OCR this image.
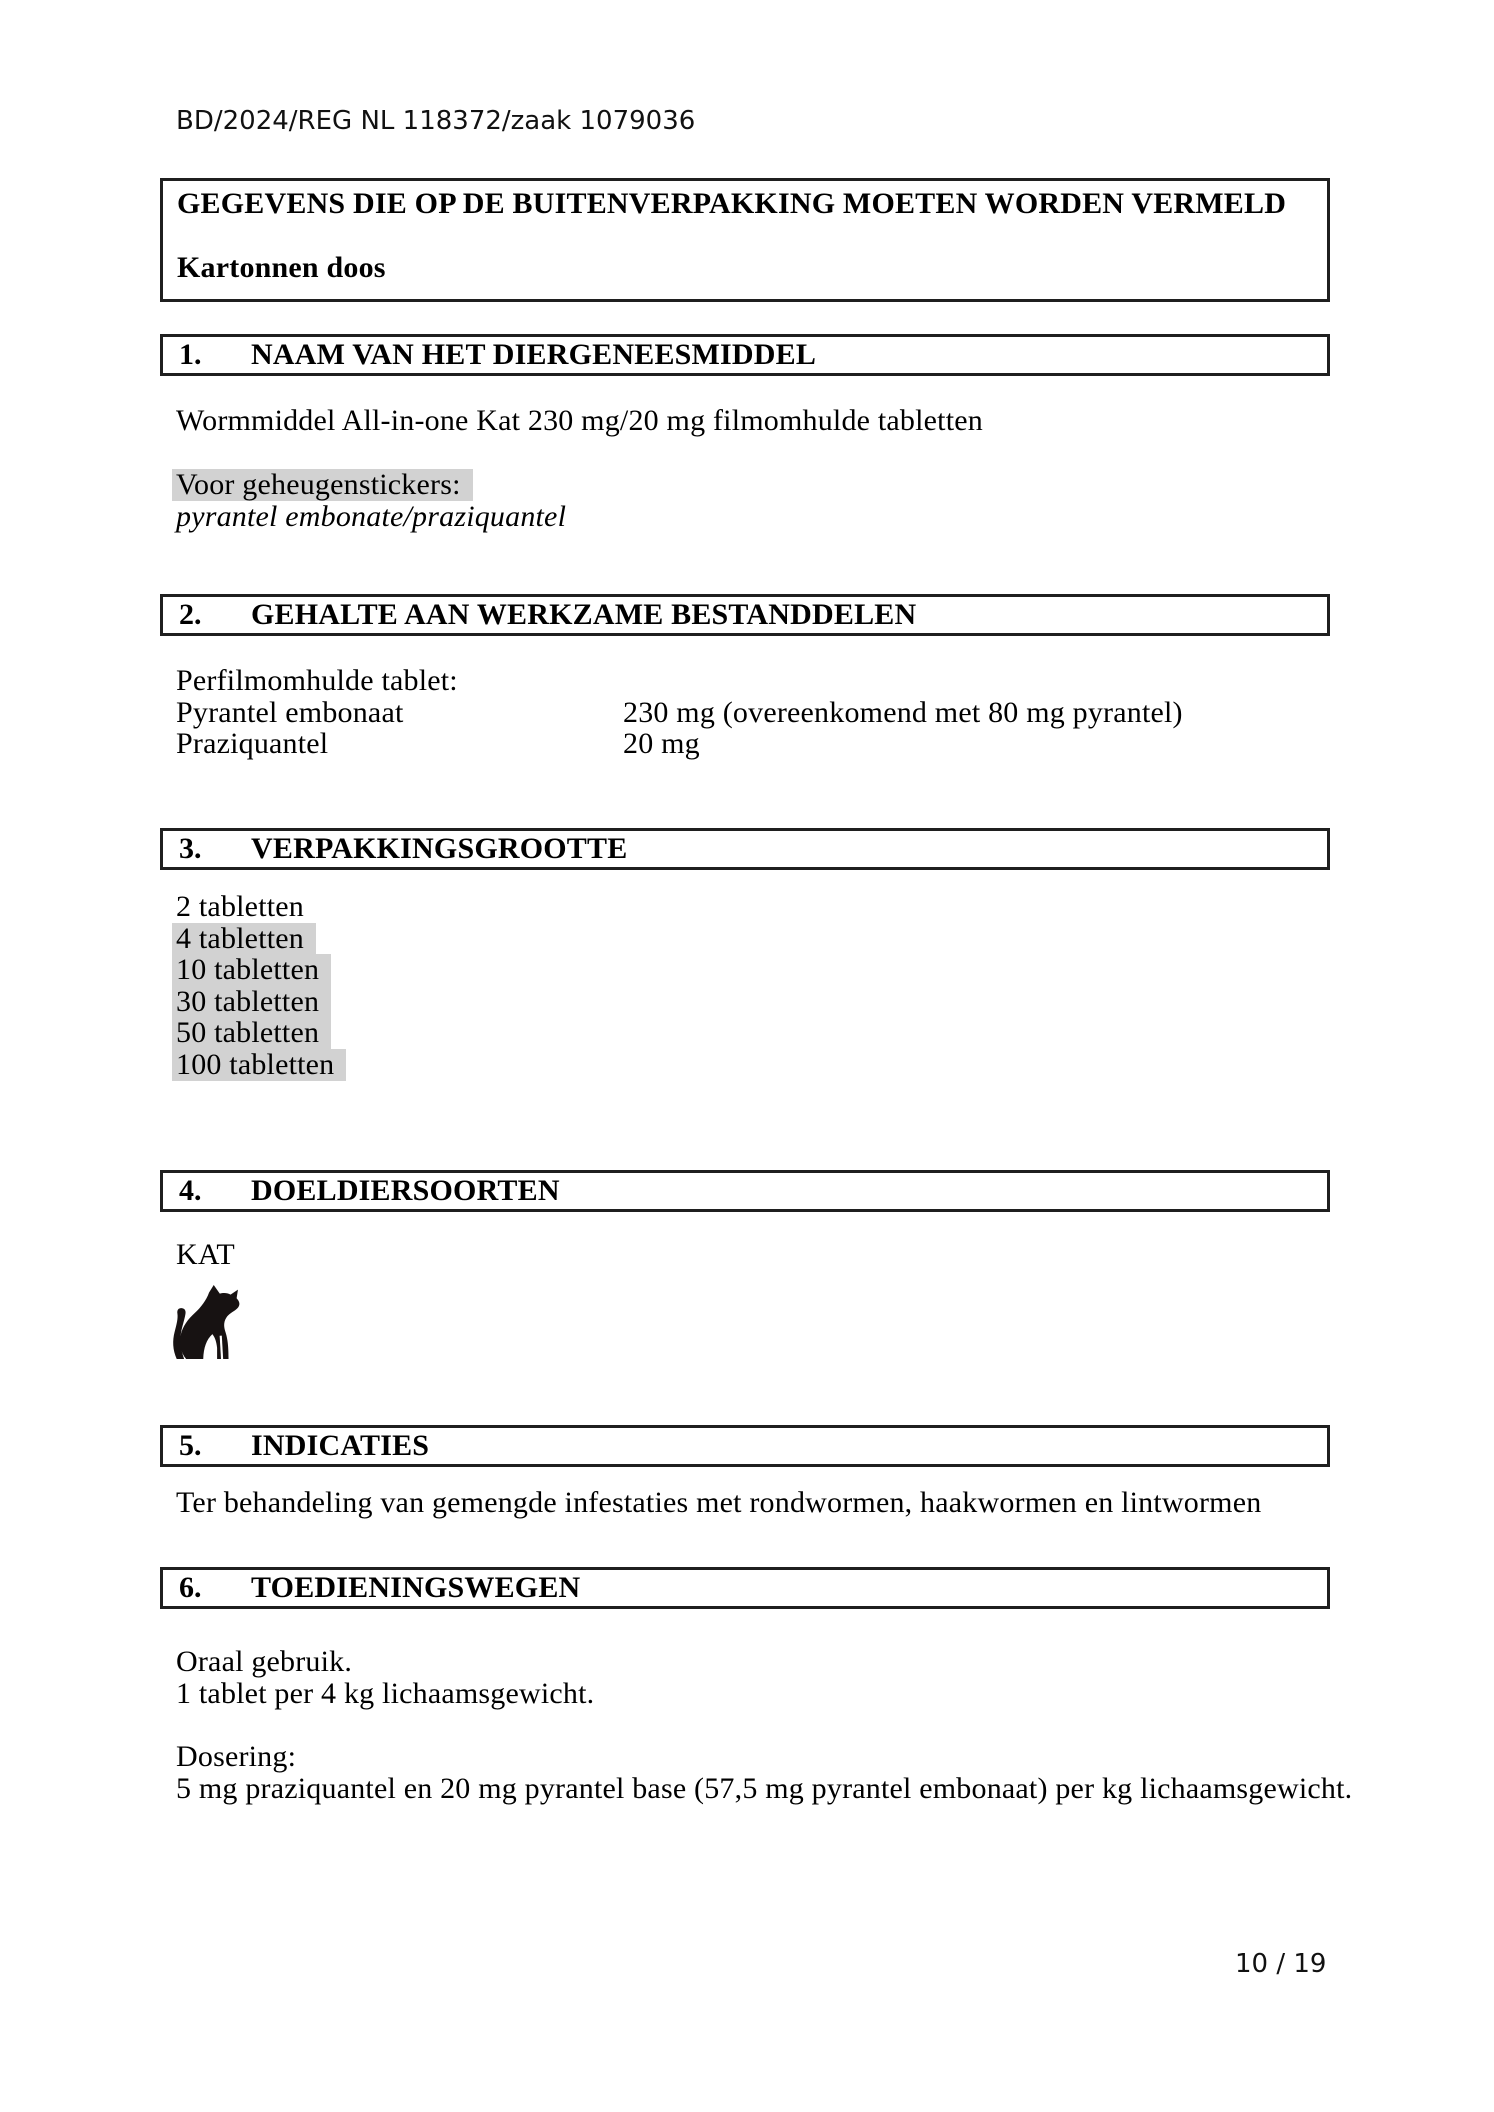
BD/2024/REG NL 118372/zaak 1079036
GEGEVENS DIE OP DE BUITENVERPAKKING MOETEN WORDEN VERMELD
Kartonnen doos
1.	NAAM VAN HET DIERGENEESMIDDEL
Wormmiddel All-in-one Kat 230 mg/20 mg filmomhulde tabletten
Voor geheugenstickers:
pyrantel embonate/praziquantel
2.	GEHALTE AAN WERKZAME BESTANDDELEN
Perfilmomhulde tablet:
Pyrantel embonaat	230 mg (overeenkomend met 80 mg pyrantel)
Praziquantel	20 mg
3.	VERPAKKINGSGROOTTE
2 tabletten
4 tabletten
10 tabletten
30 tabletten
50 tabletten
100 tabletten
4.	DOELDIERSOORTEN
KAT
5.	INDICATIES
Ter behandeling van gemengde infestaties met rondwormen, haakwormen en lintwormen
6.	TOEDIENINGSWEGEN
Oraal gebruik.
1 tablet per 4 kg lichaamsgewicht.
Dosering:
5 mg praziquantel en 20 mg pyrantel base (57,5 mg pyrantel embonaat) per kg lichaamsgewicht.
10 / 19
